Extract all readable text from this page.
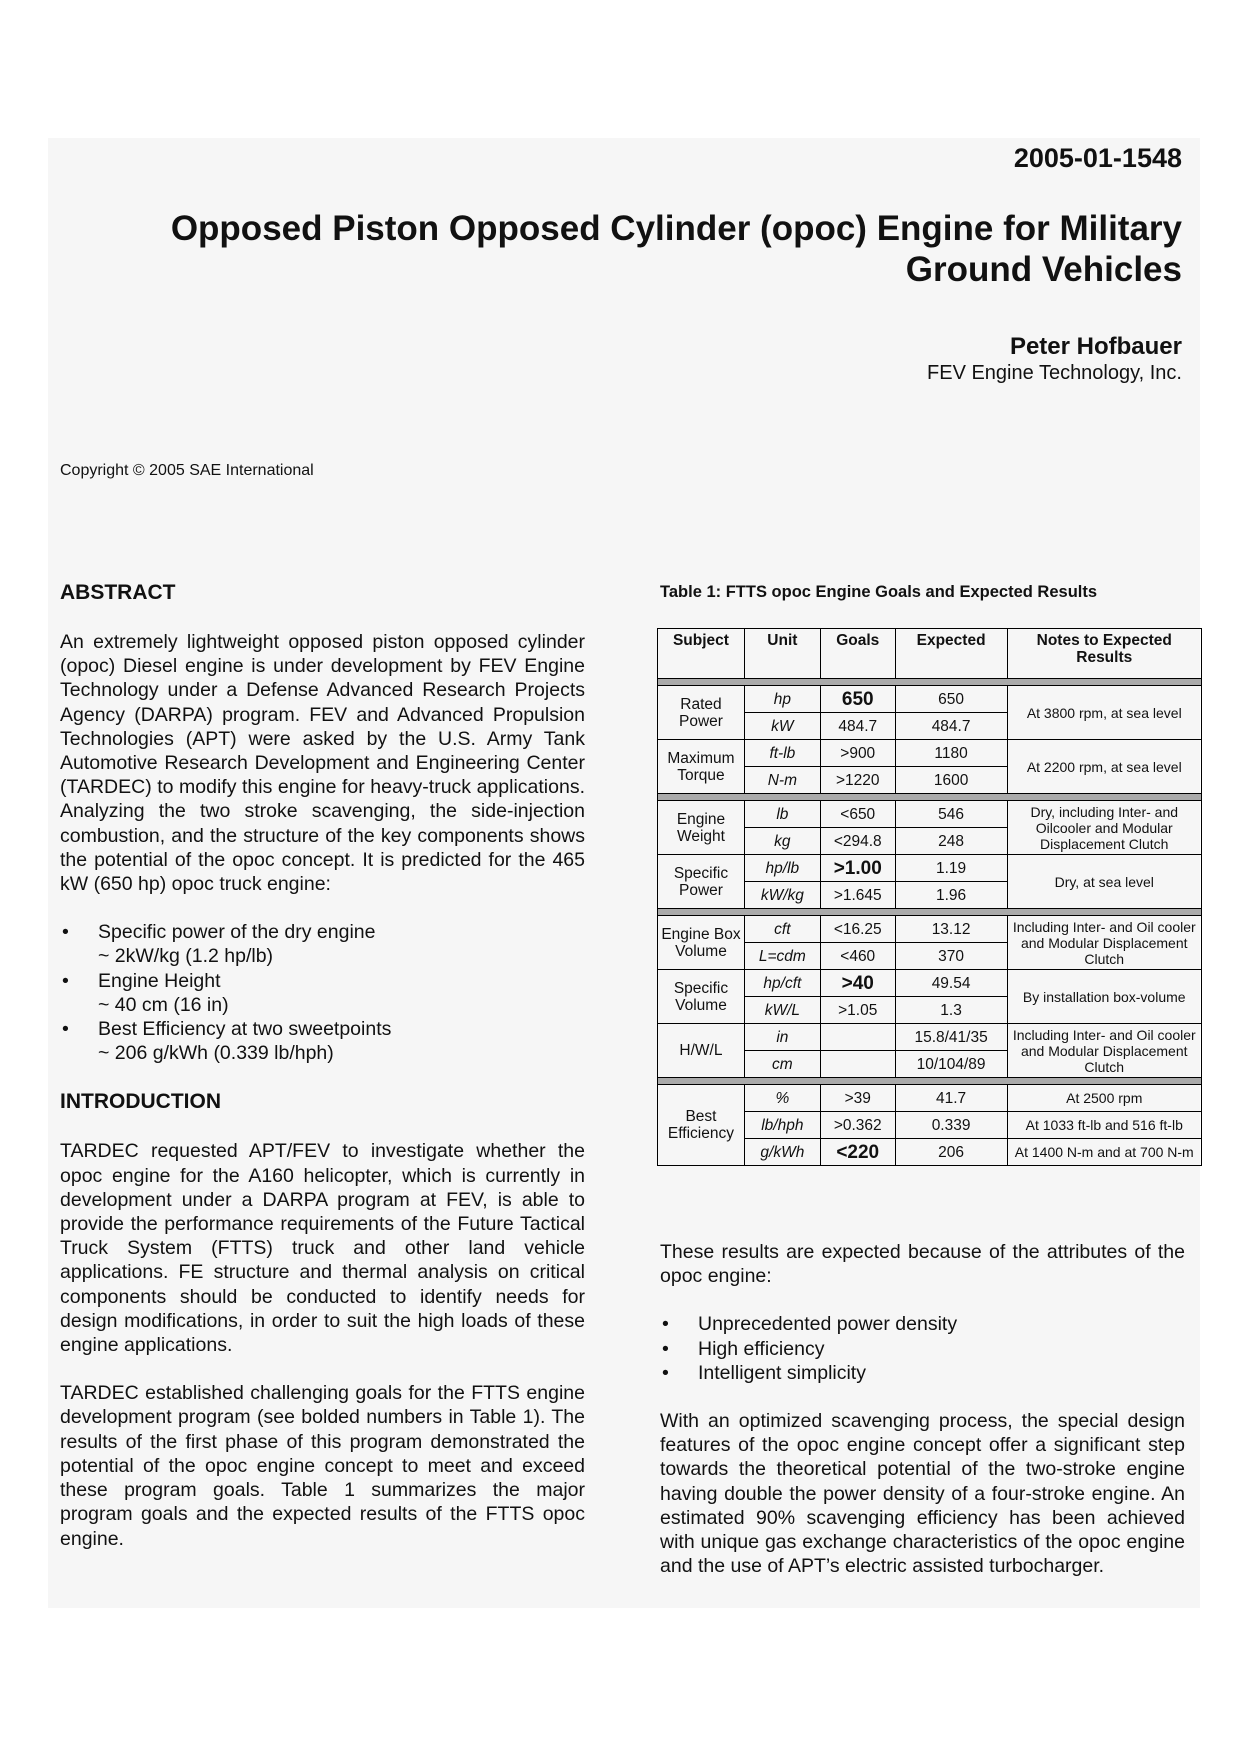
2005-01-1548
Opposed Piston Opposed Cylinder (opoc) Engine for Military
Ground Vehicles
Peter Hofbauer
FEV Engine Technology, Inc.
Copyright © 2005 SAE International
ABSTRACT

An extremely lightweight opposed piston opposed cylinder (opoc) Diesel engine is under development by FEV Engine Technology under a Defense Advanced Research Projects Agency (DARPA) program. FEV and Advanced Propulsion Technologies (APT) were asked by the U.S. Army Tank Automotive Research Development and Engineering Center (TARDEC) to modify this engine for heavy-truck applications. Analyzing the two stroke scavenging, the side-injection combustion, and the structure of the key components shows the potential of the opoc concept. It is predicted for the 465 kW (650 hp) opoc truck engine:

• Specific power of the dry engine
~ 2kW/kg (1.2 hp/lb)
• Engine Height
~ 40 cm (16 in)
• Best Efficiency at two sweetpoints
~ 206 g/kWh (0.339 lb/hph)
INTRODUCTION

TARDEC requested APT/FEV to investigate whether the opoc engine for the A160 helicopter, which is currently in development under a DARPA program at FEV, is able to provide the performance requirements of the Future Tactical Truck System (FTTS) truck and other land vehicle applications. FE structure and thermal analysis on critical components should be conducted to identify needs for design modifications, in order to suit the high loads of these engine applications.

TARDEC established challenging goals for the FTTS engine development program (see bolded numbers in Table 1). The results of the first phase of this program demonstrated the potential of the opoc engine concept to meet and exceed these program goals. Table 1 summarizes the major program goals and the expected results of the FTTS opoc engine.

Table 1: FTTS opoc Engine Goals and Expected Results
Subject	Unit	Goals	Expected	Notes to Expected Results

Rated Power	hp	650	650	At 3800 rpm, at sea level
	kW	484.7	484.7	
Maximum Torque	ft-lb	>900	1180	At 2200 rpm, at sea level
	N-m	>1220	1600	

Engine Weight	lb	<650	546	Dry, including Inter- and Oilcooler and Modular Displacement Clutch
	kg	<294.8	248	
Specific Power	hp/lb	>1.00	1.19	Dry, at sea level
	kW/kg	>1.645	1.96	

Engine Box Volume	cft	<16.25	13.12	Including Inter- and Oil cooler and Modular Displacement Clutch
	L=cdm	<460	370	
Specific Volume	hp/cft	>40	49.54	By installation box-volume
	kW/L	>1.05	1.3	
H/W/L	in		15.8/41/35	Including Inter- and Oil cooler and Modular Displacement Clutch
	cm		10/104/89	

Best Efficiency	%	>39	41.7	At 2500 rpm
	lb/hph	>0.362	0.339	At 1033 ft-lb and 516 ft-lb
	g/kWh	<220	206	At 1400 N-m and at 700 N-m

These results are expected because of the attributes of the opoc engine:

• Unprecedented power density
• High efficiency
• Intelligent simplicity

With an optimized scavenging process, the special design features of the opoc engine concept offer a significant step towards the theoretical potential of the two-stroke engine having double the power density of a four-stroke engine. An estimated 90% scavenging efficiency has been achieved with unique gas exchange characteristics of the opoc engine and the use of APT’s electric assisted turbocharger.
